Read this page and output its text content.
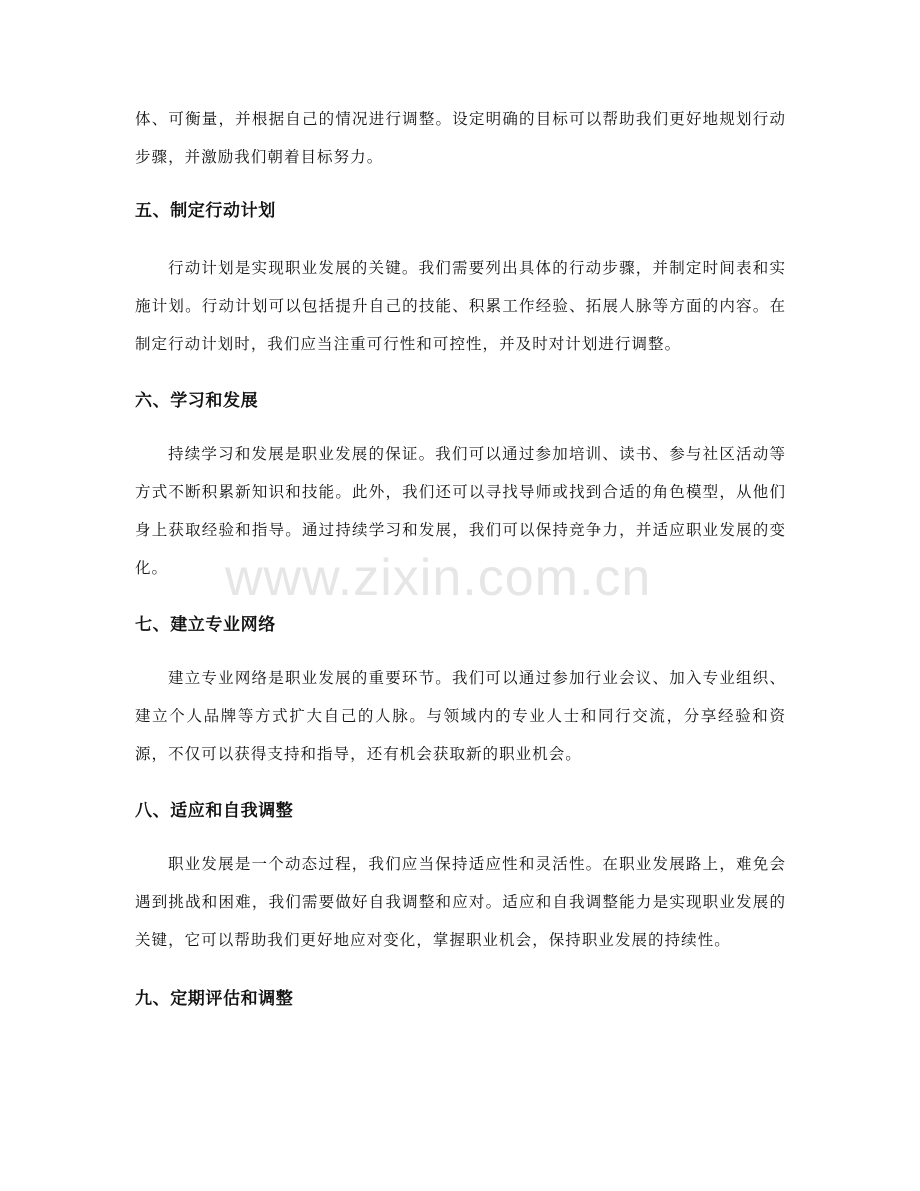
体、可衡量，并根据自己的情况进行调整。设定明确的目标可以帮助我们更好地规划行动步骤，并激励我们朝着目标努力。

五、制定行动计划

行动计划是实现职业发展的关键。我们需要列出具体的行动步骤，并制定时间表和实施计划。行动计划可以包括提升自己的技能、积累工作经验、拓展人脉等方面的内容。在制定行动计划时，我们应当注重可行性和可控性，并及时对计划进行调整。

六、学习和发展

持续学习和发展是职业发展的保证。我们可以通过参加培训、读书、参与社区活动等方式不断积累新知识和技能。此外，我们还可以寻找导师或找到合适的角色模型，从他们身上获取经验和指导。通过持续学习和发展，我们可以保持竞争力，并适应职业发展的变化。

七、建立专业网络

建立专业网络是职业发展的重要环节。我们可以通过参加行业会议、加入专业组织、建立个人品牌等方式扩大自己的人脉。与领域内的专业人士和同行交流，分享经验和资源，不仅可以获得支持和指导，还有机会获取新的职业机会。

八、适应和自我调整

职业发展是一个动态过程，我们应当保持适应性和灵活性。在职业发展路上，难免会遇到挑战和困难，我们需要做好自我调整和应对。适应和自我调整能力是实现职业发展的关键，它可以帮助我们更好地应对变化，掌握职业机会，保持职业发展的持续性。

九、定期评估和调整
www.zixin.com.cn
